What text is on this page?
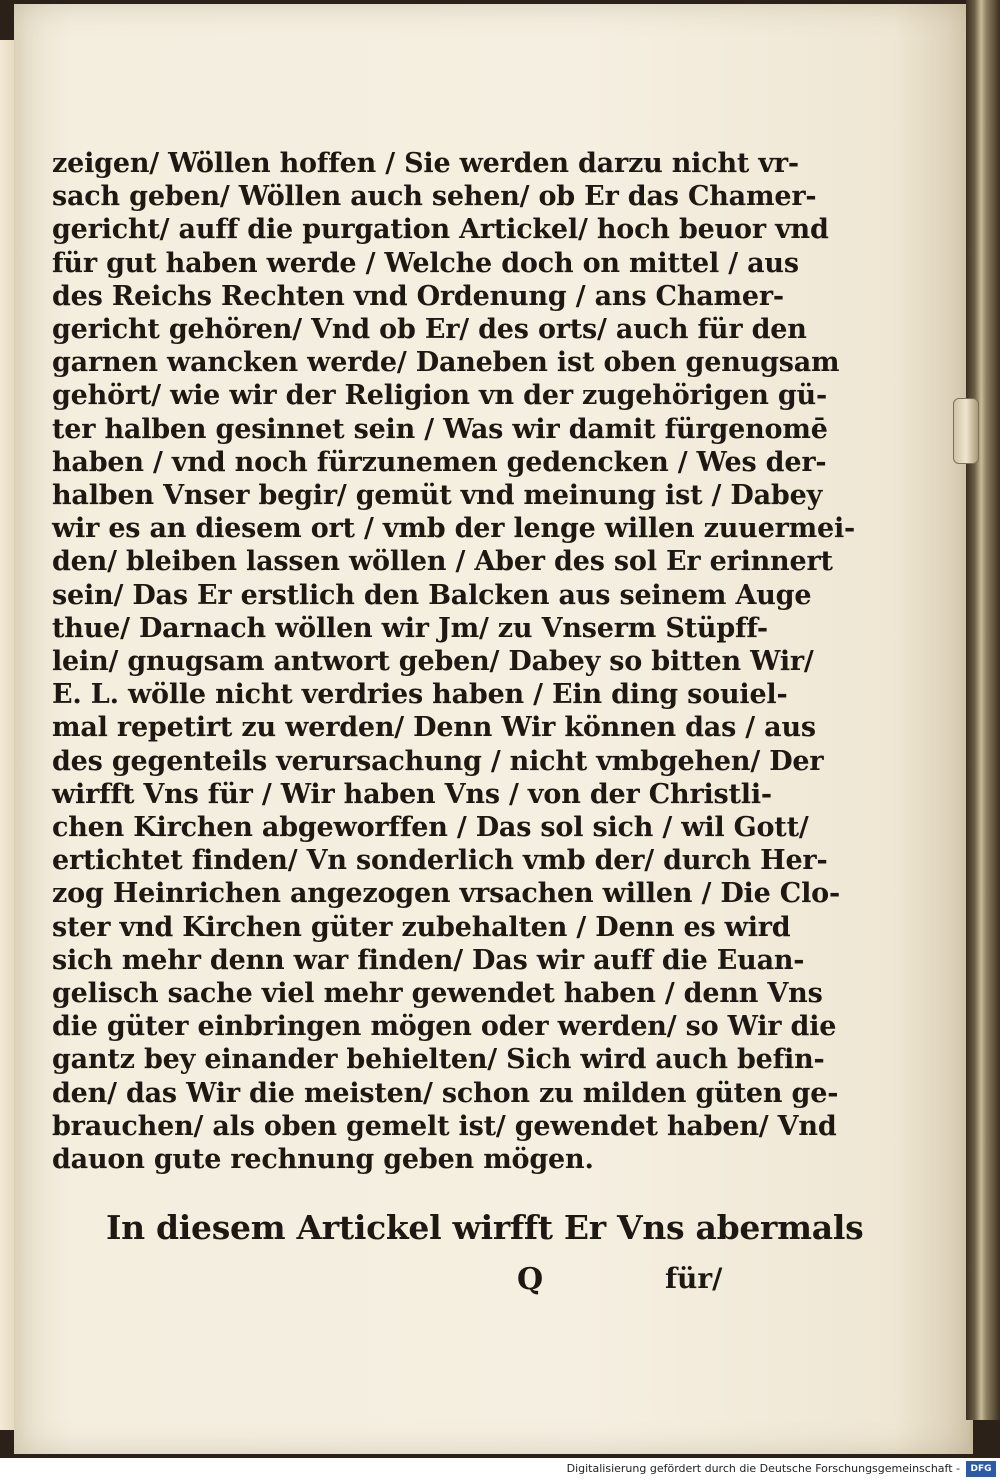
zeigen/ Wöllen hoffen / Sie werden darzu nicht vr-
sach geben/ Wöllen auch sehen/ ob Er das Chamer-
gericht/ auff die purgation Artickel/ hoch beuor vnd
für gut haben werde / Welche doch on mittel / aus
des Reichs Rechten vnd Ordenung / ans Chamer-
gericht gehören/ Vnd ob Er/ des orts/ auch für den
garnen wancken werde/ Daneben ist oben genugsam
gehört/ wie wir der Religion vn der zugehörigen gü-
ter halben gesinnet sein / Was wir damit fürgenomē
haben / vnd noch fürzunemen gedencken / Wes der-
halben Vnser begir/ gemüt vnd meinung ist / Dabey
wir es an diesem ort / vmb der lenge willen zuuermei-
den/ bleiben lassen wöllen / Aber des sol Er erinnert
sein/ Das Er erstlich den Balcken aus seinem Auge
thue/ Darnach wöllen wir Jm/ zu Vnserm Stüpff-
lein/ gnugsam antwort geben/ Dabey so bitten Wir/
E. L. wölle nicht verdries haben / Ein ding souiel-
mal repetirt zu werden/ Denn Wir können das / aus
des gegenteils verursachung / nicht vmbgehen/ Der
wirfft Vns für / Wir haben Vns / von der Christli-
chen Kirchen abgeworffen / Das sol sich / wil Gott/
ertichtet finden/ Vn sonderlich vmb der/ durch Her-
zog Heinrichen angezogen vrsachen willen / Die Clo-
ster vnd Kirchen güter zubehalten / Denn es wird
sich mehr denn war finden/ Das wir auff die Euan-
gelisch sache viel mehr gewendet haben / denn Vns
die güter einbringen mögen oder werden/ so Wir die
gantz bey einander behielten/ Sich wird auch befin-
den/ das Wir die meisten/ schon zu milden güten ge-
brauchen/ als oben gemelt ist/ gewendet haben/ Vnd
dauon gute rechnung geben mögen.
In diesem Artickel wirfft Er Vns abermals
Q	für/
Digitalisierung gefördert durch die Deutsche Forschungsgemeinschaft -	DFG
